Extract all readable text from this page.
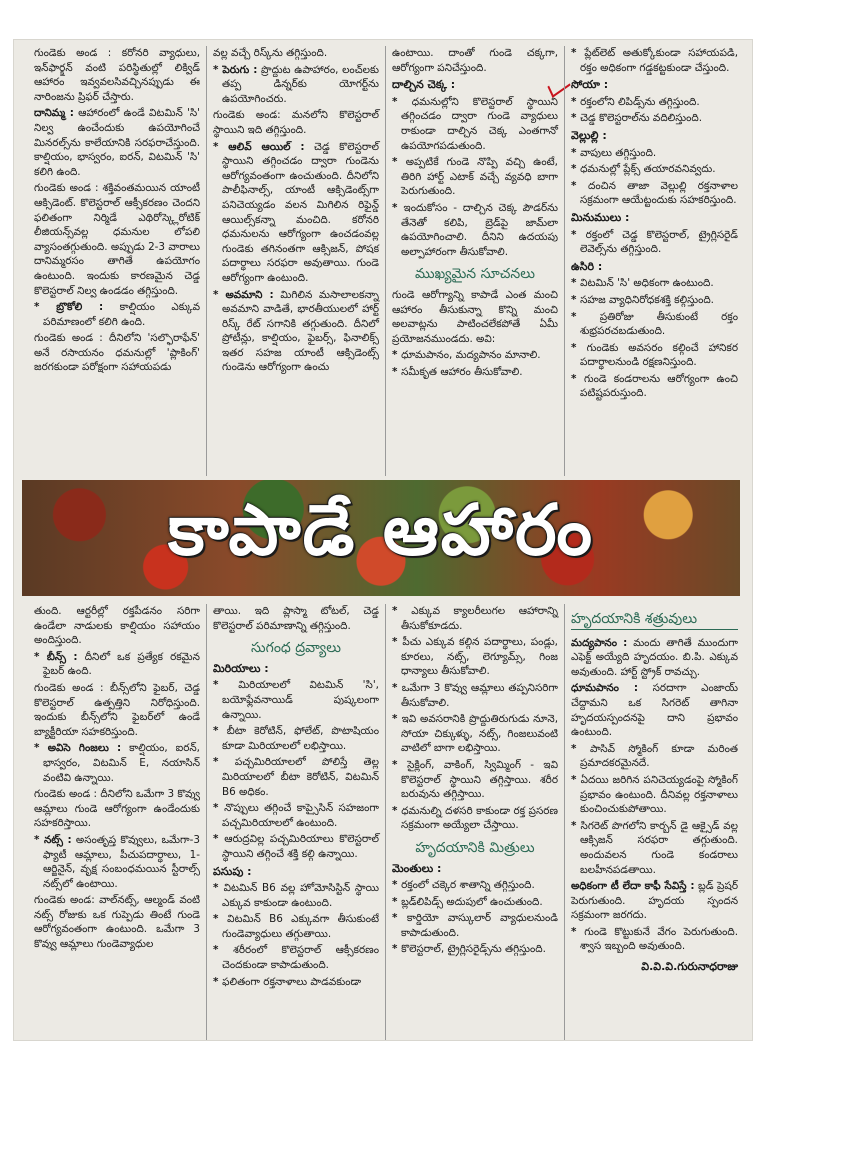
గుండెకు అండ : కరోనరి వ్యాధులు, ఇన్‌ఫార్క్షన్ వంటి పరిస్థితుల్లో లిక్విడ్ ఆహారం ఇవ్వవలసివచ్చినప్పుడు ఈ నారింజను ప్రిఫర్ చేస్తారు.

దానిమ్మ : ఆహారంలో ఉండే విటమిన్ 'సి' నిల్వ ఉంచేందుకు ఉపయోగించే మినరల్స్‌ను కాలేయానికి సరఫరాచేస్తుంది. కాల్షియం, భాస్వరం, ఐరన్, విటమిన్ 'సి' కలిగి ఉంది.

గుండెకు అండ : శక్తివంతమయిన యాంటీ ఆక్సిడెంట్. కొలెస్టరాల్ ఆక్సీకరణం చెందని ఫలితంగా నిర్మిడే ఎథిరోస్క్లెరోటిక్ లీజియన్స్‌వల్ల ధమనుల లోపలి వ్యాసంతగ్గుతుంది. అప్పుడు 2-3 వారాలు దానిమ్మరసం తాగితే ఉపయోగం ఉంటుంది. ఇందుకు కారణమైన చెడ్డ కొలెస్టరాల్ నిల్వ ఉండడం తగ్గిస్తుంది.

* బ్రొకోలి : కాల్షియం ఎక్కువ పరిమాణంలో కలిగి ఉంది.

గుండెకు అండ : దీనిలోని 'సల్ఫొరాఫేన్' అనే రసాయనం ధమనుల్లో 'ప్లాకింగ్' జరగకుండా పరోక్షంగా సహాయపడు

వల్ల వచ్చే రిస్క్‌ను తగ్గిస్తుంది.

* పెరుగు : ప్రొద్దుట ఉపాహారం, లంచ్‌లకు తప్ప డిన్నర్‌కు యోగర్ట్‌ను ఉపయోగించరు.

గుండెకు అండ: మనలోని కొలెస్టరాల్ స్థాయిని ఇది తగ్గిస్తుంది.

* ఆలివ్ ఆయిల్ : చెడ్డ కొలెస్టరాల్ స్థాయిని తగ్గించడం ద్వారా గుండెను ఆరోగ్యవంతంగా ఉంచుతుంది. దీనిలోని పాలీఫినాల్స్, యాంటీ ఆక్సిడెంట్స్‌గా పనిచెయ్యడం వలన మిగిలిన రిఫైన్డ్ ఆయిల్స్‌కన్నా మంచిది. కరోనరి ధమనులను ఆరోగ్యంగా ఉంచడంవల్ల గుండెకు తగినంతగా ఆక్సిజన్, పోషక పదార్థాలు సరఫరా అవుతాయి. గుండె ఆరోగ్యంగా ఉంటుంది.

* అవమాని : మిగిలిన మసాలాలకన్నా అవమాని వాడితే, భారతీయులలో హార్ట్ రిస్క్ రేట్ సగానికి తగ్గుతుంది. దీనిలో ప్రోటీన్లు, కాల్షియం, ఫైబర్స్, ఫినాలిక్స్ ఇతర సహజ యాంటీ ఆక్సిడెంట్స్ గుండెను ఆరోగ్యంగా ఉంచు

ఉంటాయి. దాంతో గుండె చక్కగా, ఆరోగ్యంగా పనిచేస్తుంది.

దాల్చిన చెక్క :

* ధమనుల్లోని కొలెస్టరాల్ స్థాయిని తగ్గించడం ద్వారా గుండె వ్యాధులు రాకుండా దాల్చిన చెక్క ఎంతగానో ఉపయోగపడుతుంది.

* అప్పటికే గుండె నొప్పి వచ్చి ఉంటే, తిరిగి హార్ట్ ఎటాక్ వచ్చే వ్యవధి బాగా పెరుగుతుంది.

* ఇందుకోసం - దాల్చిన చెక్క పౌడర్‌ను తేనెతో కలిపి, బ్రెడ్‌పై జామ్‌లా ఉపయోగించాలి. దీనిని ఉదయపు అల్పాహారంగా తీసుకోవాలి.

ముఖ్యమైన సూచనలు

గుండె ఆరోగ్యాన్ని కాపాడే ఎంత మంచి ఆహారం తీసుకున్నా కొన్ని మంచి అలవాట్లను పాటించలేకపోతే ఏమీ ప్రయోజనముండదు. అవి:

* ధూమపానం, మద్యపానం మానాలి.

* సమీకృత ఆహారం తీసుకోవాలి.

* ప్లేట్‌లెట్ అతుక్కోకుండా సహాయపడి, రక్తం అధికంగా గడ్డకట్టకుండా చేస్తుంది.

సోయా :

* రక్తంలోని లిపిడ్స్‌ను తగ్గిస్తుంది.

* చెడ్డ కొలెస్టరాల్‌ను వదిలిస్తుంది.

వెల్లుల్లి :

* వాపులు తగ్గిస్తుంది.

* ధమనుల్లో ప్లేక్స్ తయారవనివ్వదు.

* దంచిన తాజా వెల్లుల్లి రక్తనాళాల సక్రమంగా ఆయేట్టందుకు సహకరిస్తుంది.

మినుములు :

* రక్తంలో చెడ్డ కొలెస్టరాల్, ట్రైగ్లిసరైడ్ లెవెల్స్‌ను తగ్గిస్తుంది.

ఉసిరి :

* విటమిన్ 'సి' అధికంగా ఉంటుంది.

* సహజ వ్యాధినిరోధకశక్తి కల్గిస్తుంది.

* ప్రతిరోజు తీసుకుంటే రక్తం శుభ్రపరచబడుతుంది.

* గుండెకు అవసరం కల్గించే హానికర పదార్థాలనుండి రక్షణనిస్తుంది.

* గుండె కండరాలను ఆరోగ్యంగా ఉంచి పటిష్టపరుస్తుంది.

కాపాడే ఆహారం

తుంది. ఆర్టరీల్లో రక్తపీడనం సరిగా ఉండేలా నాడులకు కాల్షియం సహాయం అందిస్తుంది.

* బీన్స్ : దీనిలో ఒక ప్రత్యేక రకమైన ఫైబర్ ఉంది.

గుండెకు అండ : బీన్స్‌లోని ఫైబర్, చెడ్డ కొలెస్టరాల్ ఉత్పత్తిని నిరోధిస్తుంది. ఇందుకు బీన్స్‌లోని ఫైబర్‌లో ఉండే బ్యాక్టీరియా సహకరిస్తుంది.

* అవిసె గింజలు : కాల్షియం, ఐరన్, భాస్వరం, విటమిన్ E, నయాసిన్ వంటివి ఉన్నాయి.

గుండెకు అండ : దీనిలోని ఒమేగా 3 కొవ్వు ఆమ్లాలు గుండె ఆరోగ్యంగా ఉండేందుకు సహకరిస్తాయి.

* నట్స్ : అసంతృప్త కొవ్వులు, ఒమేగా-3 ఫ్యాటీ ఆమ్లాలు, పీచుపదార్థాలు, 1-ఆర్జినైన్, వృక్ష సంబంధమయిన స్టీరాల్స్ నట్స్‌లో ఉంటాయి.

గుండెకు అండ: వాల్‌నట్స్, ఆల్మండ్ వంటి నట్స్ రోజుకు ఒక గుప్పెడు తింటే గుండె ఆరోగ్యవంతంగా ఉంటుంది. ఒమేగా 3 కొవ్వు ఆమ్లాలు గుండెవ్యాధుల

తాయి. ఇది ప్లాస్మా టోటల్, చెడ్డ కొలెస్టరాల్ పరిమాణాన్ని తగ్గిస్తుంది.

సుగంధ ద్రవ్యాలు
మిరియాలు :

* మిరియాలలో విటమిన్ 'సి', బయోఫ్లేవనాయిడ్ పుష్కలంగా ఉన్నాయి.

* బీటా కెరోటిన్, ఫోలేట్, పొటాషియం కూడా మిరియాలలో లభిస్తాయి.

* పచ్చమిరియాలలో పోలిస్తే తెల్ల మిరియాలలో బీటా కెరోటిన్, విటమిన్ B6 అధికం.

* నొప్పులు తగ్గించే కాప్సైసిన్ సహజంగా పచ్చమిరియాలలో ఉంటుంది.

* ఆరుద్రవిల్ల పచ్చమిరియాలు కొలెస్టరాల్ స్థాయిని తగ్గించే శక్తి కల్గి ఉన్నాయి.

పసుపు :

* విటమిన్ B6 వల్ల హోమోసిస్టిన్ స్థాయి ఎక్కువ కాకుండా ఉంటుంది.

* విటమిన్ B6 ఎక్కువగా తీసుకుంటే గుండెవ్యాధులు తగ్గుతాయి.

* శరీరంలో కొలెస్టరాల్ ఆక్సీకరణం చెందకుండా కాపాడుతుంది.

* ఫలితంగా రక్తనాళాలు పాడవకుండా

* ఎక్కువ క్యాలరీలుగల ఆహారాన్ని తీసుకోకూడదు.

* పీచు ఎక్కువ కల్గిన పదార్థాలు, పండ్లు, కూరలు, నట్స్, లెగ్యూమ్స్, గింజ ధాన్యాలు తీసుకోవాలి.

* ఒమేగా 3 కొవ్వు ఆమ్లాలు తప్పనిసరిగా తీసుకోవాలి.

* ఇవి అవసరానికి ప్రొద్దుతిరుగుడు నూనె, సోయా చిక్కుళ్ళు, నట్స్, గింజలువంటి వాటిలో బాగా లభిస్తాయి.

* సైక్లింగ్, వాకింగ్, స్విమ్మింగ్ - ఇవి కొలెస్టరాల్ స్థాయిని తగ్గిస్తాయి. శరీర బరువును తగ్గిస్తాయి.

* ధమనుల్ని దళసరి కాకుండా రక్త ప్రసరణ సక్రమంగా అయ్యేలా చేస్తాయి.

హృదయానికి మిత్రులు
మెంతులు :

* రక్తంలో చక్కెర శాతాన్ని తగ్గిస్తుంది.

* బ్లడ్‌లిపిడ్స్ అదుపులో ఉంచుతుంది.

* కార్డియో వాస్కులార్ వ్యాధులనుండి కాపాడుతుంది.

* కొలెస్టరాల్, ట్రైగ్లిసరైడ్స్‌ను తగ్గిస్తుంది.

హృదయానికి శత్రువులు

మద్యపానం : మందు తాగితే ముందుగా ఎఫెక్ట్ అయ్యేది హృదయం. బి.పి. ఎక్కువ అవుతుంది. హార్ట్ స్ట్రోక్ రావచ్చు.

ధూమపానం : సరదాగా ఎంజాయ్ చేద్దామని ఒక సిగరెట్ తాగినా హృదయస్పందనపై దాని ప్రభావం ఉంటుంది.

* పాసివ్ స్మోకింగ్ కూడా మరింత ప్రమాదకరమైనదే.

* ఏదయి జరిగిన పనిచెయ్యడంపై స్మోకింగ్ ప్రభావం ఉంటుంది. దీనివల్ల రక్తనాళాలు కుంచించుకుపోతాయి.

* సిగరెట్ పొగలోని కార్బన్ డై ఆక్సైడ్ వల్ల ఆక్సిజన్ సరఫరా తగ్గుతుంది. అందువలన గుండె కండరాలు బలహీనపడతాయి.

అధికంగా టీ లేదా కాఫీ సేవిస్తే : బ్లడ్ ప్రెషర్ పెరుగుతుంది. హృదయ స్పందన సక్రమంగా జరగదు.

* గుండె కొట్టుకునే వేగం పెరుగుతుంది. శ్వాస ఇబ్బంది అవుతుంది.

వి.వి.వి.గురునాధరాజు
